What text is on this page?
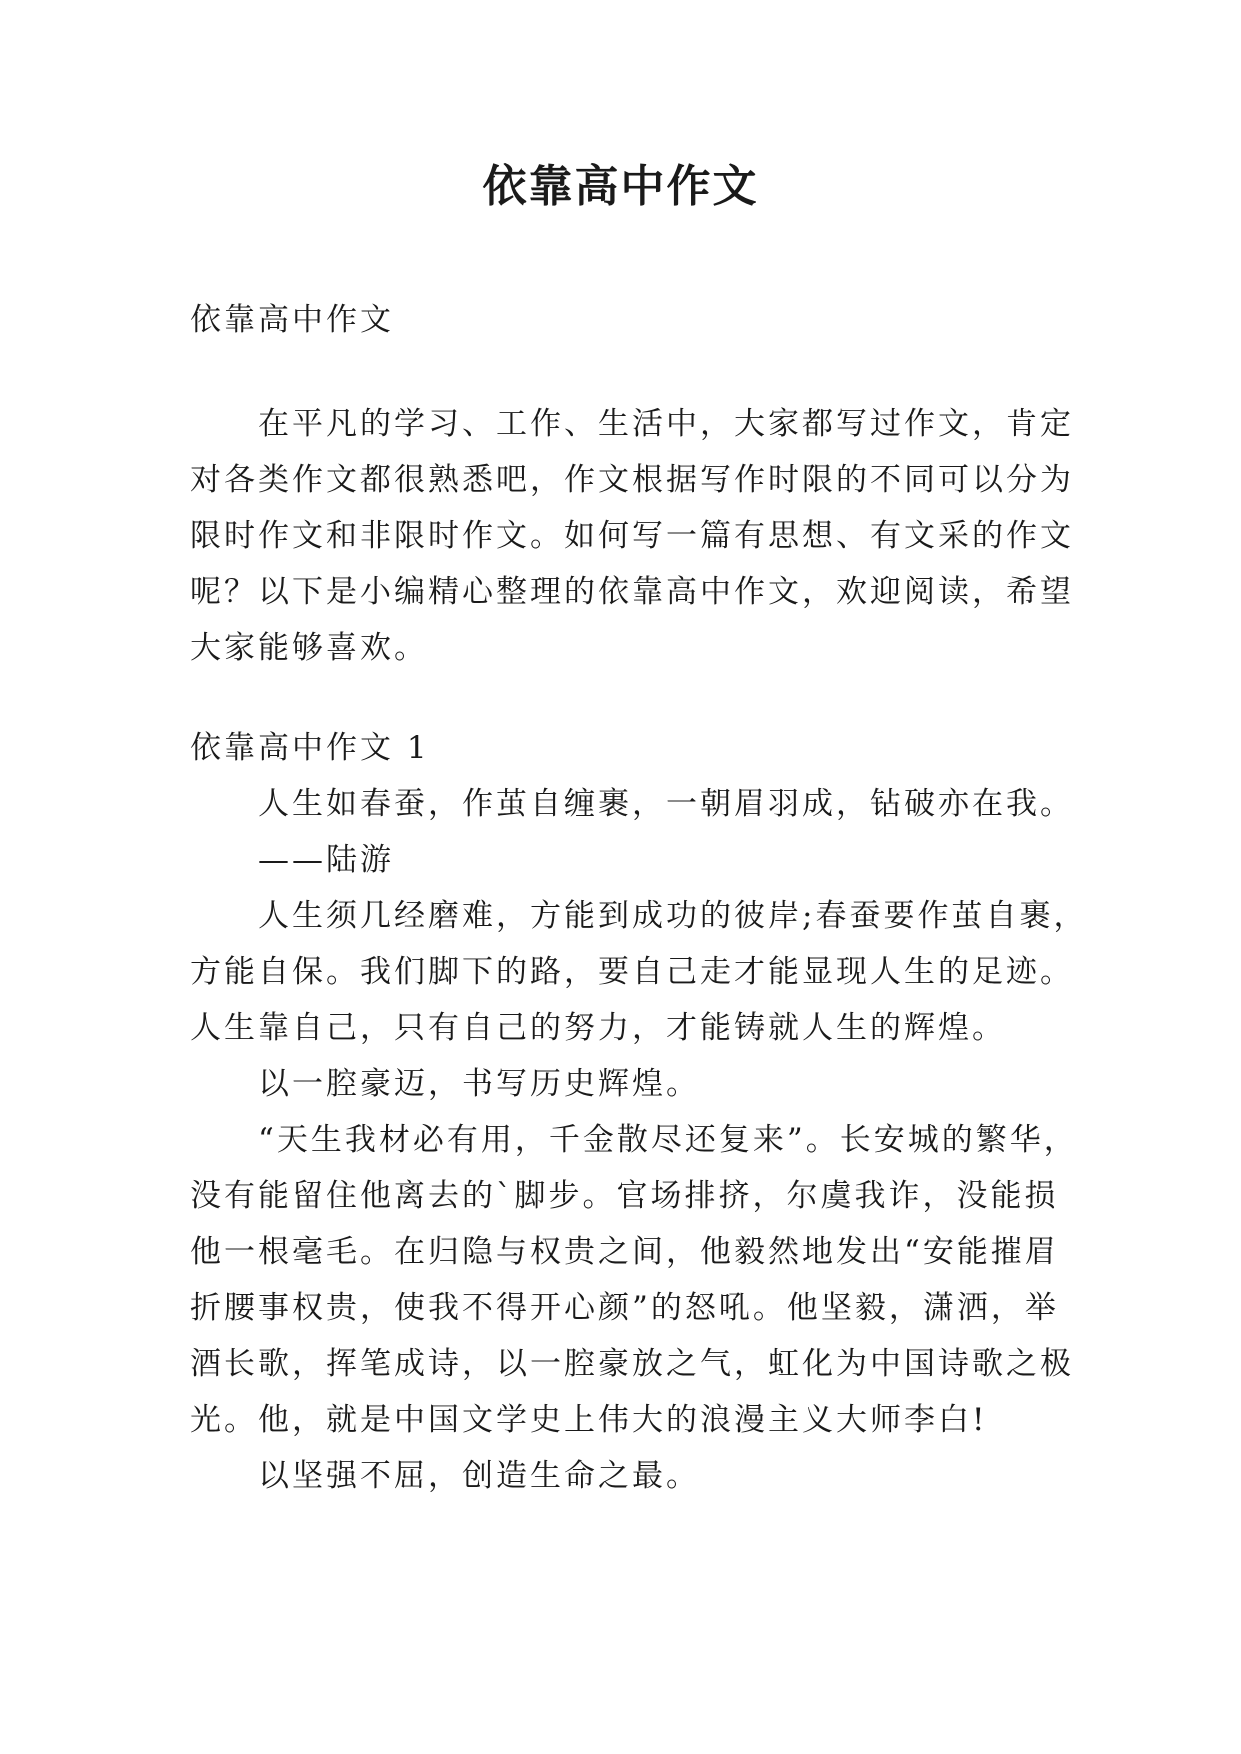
依靠高中作文

依靠高中作文

在平凡的学习、工作、生活中，大家都写过作文，肯定

对各类作文都很熟悉吧，作文根据写作时限的不同可以分为

限时作文和非限时作文。如何写一篇有思想、有文采的作文

呢？以下是小编精心整理的依靠高中作文，欢迎阅读，希望

大家能够喜欢。

依靠高中作文 1

人生如春蚕，作茧自缠裹，一朝眉羽成，钻破亦在我。

——陆游

人生须几经磨难，方能到成功的彼岸;春蚕要作茧自裹，

方能自保。我们脚下的路，要自己走才能显现人生的足迹。

人生靠自己，只有自己的努力，才能铸就人生的辉煌。

以一腔豪迈，书写历史辉煌。

“天生我材必有用，千金散尽还复来”。长安城的繁华，

没有能留住他离去的`脚步。官场排挤，尔虞我诈，没能损

他一根毫毛。在归隐与权贵之间，他毅然地发出“安能摧眉

折腰事权贵，使我不得开心颜”的怒吼。他坚毅，潇洒，举

酒长歌，挥笔成诗，以一腔豪放之气，虹化为中国诗歌之极

光。他，就是中国文学史上伟大的浪漫主义大师李白!

以坚强不屈，创造生命之最。
